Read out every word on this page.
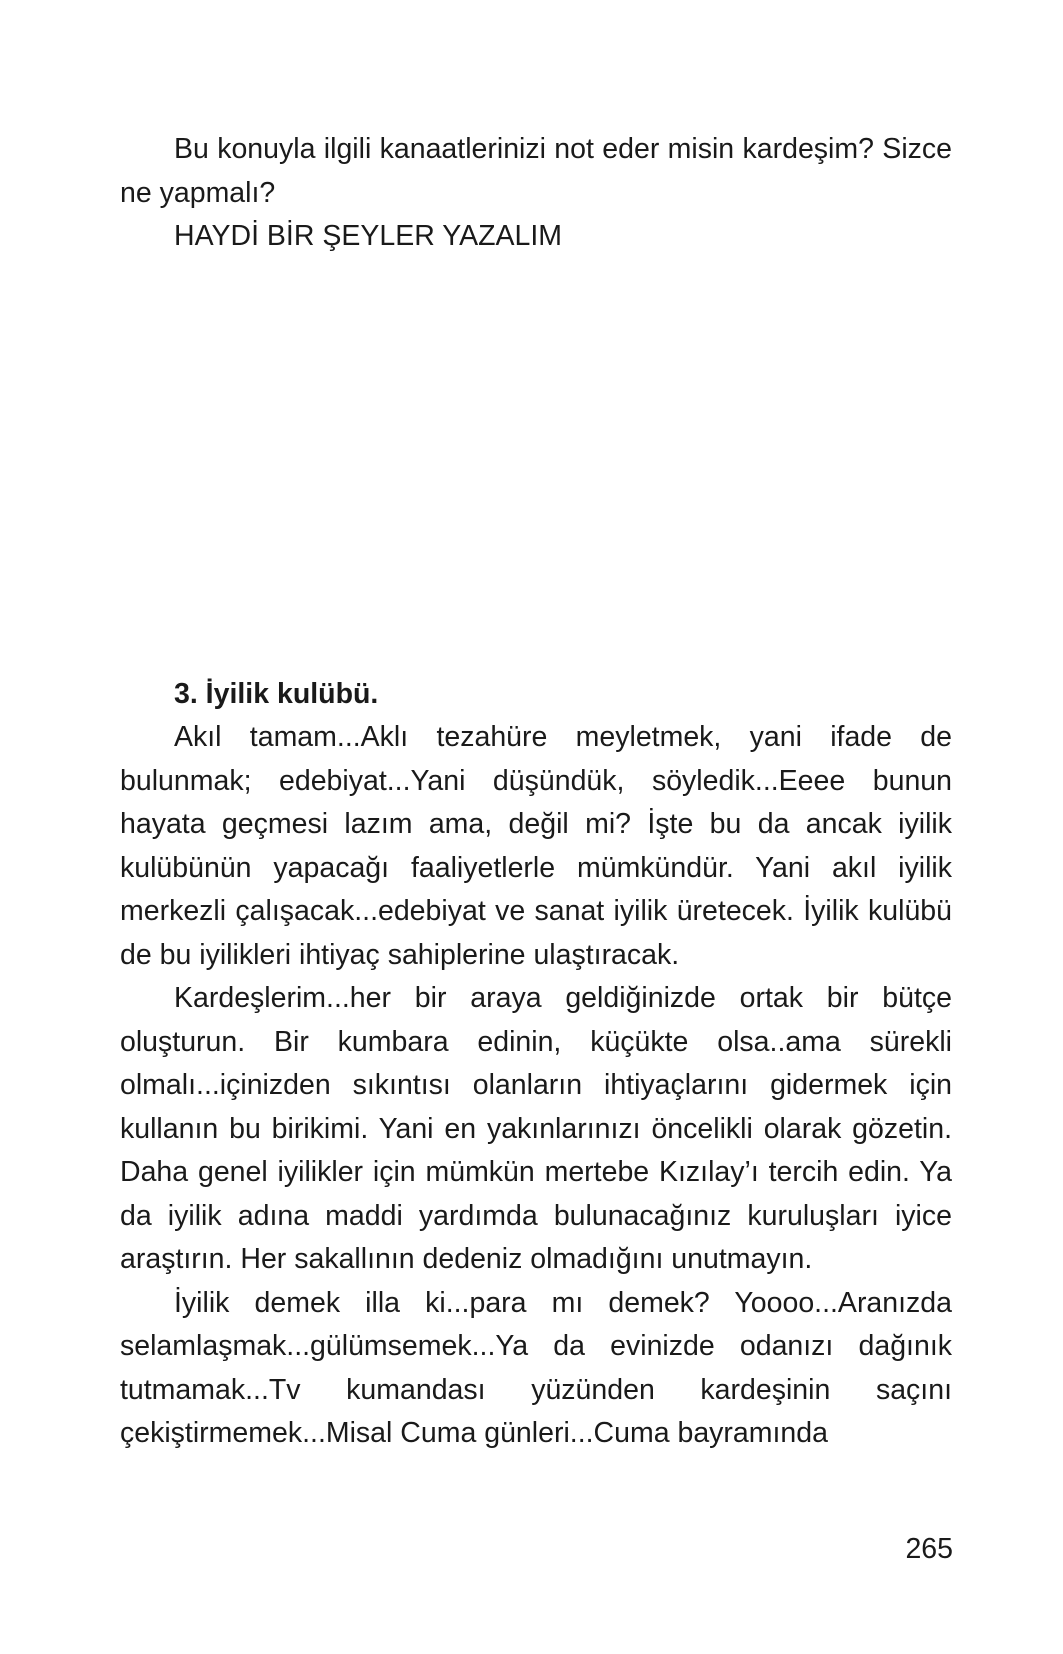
Bu konuyla ilgili kanaatlerinizi not eder misin kardeşim? Sizce ne yapmalı?

HAYDİ BİR ŞEYLER YAZALIM

3. İyilik kulübü.

Akıl tamam...Aklı tezahüre meyletmek, yani ifade de bulunmak; edebiyat...Yani düşündük, söyledik...Eeee bunun hayata geçmesi lazım ama, değil mi? İşte bu da ancak iyilik kulübünün yapacağı faaliyetlerle mümkündür. Yani akıl iyilik merkezli çalışacak...edebiyat ve sanat iyilik üretecek. İyilik kulübü de bu iyilikleri ihtiyaç sahiplerine ulaştıracak.

Kardeşlerim...her bir araya geldiğinizde ortak bir bütçe oluşturun. Bir kumbara edinin, küçükte olsa..ama sürekli olmalı...içinizden sıkıntısı olanların ihtiyaçlarını gidermek için kullanın bu birikimi. Yani en yakınlarınızı öncelikli olarak gözetin. Daha genel iyilikler için mümkün mertebe Kızılay’ı tercih edin. Ya da iyilik adına maddi yardımda bulunacağınız kuruluşları iyice araştırın. Her sakallının dedeniz olmadığını unutmayın.

İyilik demek illa ki...para mı demek? Yoooo...Aranızda selamlaşmak...gülümsemek...Ya da evinizde odanızı dağınık tutmamak...Tv kumandası yüzünden kardeşinin saçını çekiştirmemek...Misal Cuma günleri...Cuma bayramında

265
